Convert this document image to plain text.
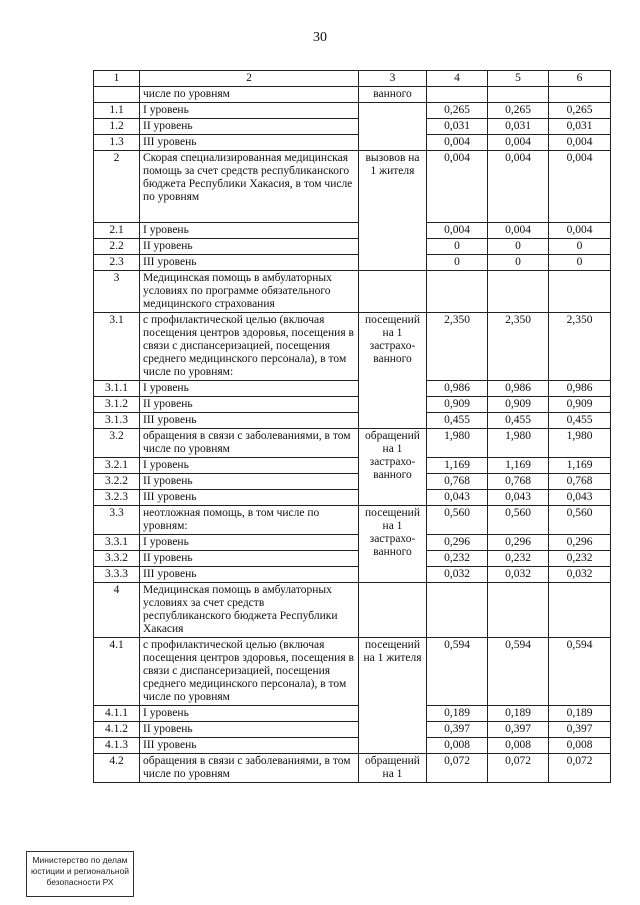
30
1	2	3	4	5	6
	числе по уровням	ванного			
1.1	I уровень		0,265	0,265	0,265
1.2	II уровень		0,031	0,031	0,031
1.3	III уровень		0,004	0,004	0,004
2	Скорая специализированная медицинская помощь за счет средств республиканского бюджета Республики Хакасия, в том числе по уровням	вызовов на 1 жителя	0,004	0,004	0,004
2.1	I уровень		0,004	0,004	0,004
2.2	II уровень		0	0	0
2.3	III уровень		0	0	0
3	Медицинская помощь в амбулаторных условиях по программе обязательного медицинского страхования				
3.1	с профилактической целью (включая посещения центров здоровья, посещения в связи с диспансеризацией, посещения среднего медицинского персонала), в том числе по уровням:	посещений на 1 застрахо-ванного	2,350	2,350	2,350
3.1.1	I уровень		0,986	0,986	0,986
3.1.2	II уровень		0,909	0,909	0,909
3.1.3	III уровень		0,455	0,455	0,455
3.2	обращения в связи с заболеваниями, в том числе по уровням	обращений на 1 застрахо-ванного	1,980	1,980	1,980
3.2.1	I уровень		1,169	1,169	1,169
3.2.2	II уровень		0,768	0,768	0,768
3.2.3	III уровень		0,043	0,043	0,043
3.3	неотложная помощь, в том числе по уровням:	посещений на 1 застрахо-ванного	0,560	0,560	0,560
3.3.1	I уровень		0,296	0,296	0,296
3.3.2	II уровень		0,232	0,232	0,232
3.3.3	III уровень		0,032	0,032	0,032
4	Медицинская помощь в амбулаторных условиях за счет средств республиканского бюджета Республики Хакасия				
4.1	с профилактической целью (включая посещения центров здоровья, посещения в связи с диспансеризацией, посещения среднего медицинского персонала), в том числе по уровням	посещений на 1 жителя	0,594	0,594	0,594
4.1.1	I уровень		0,189	0,189	0,189
4.1.2	II уровень		0,397	0,397	0,397
4.1.3	III уровень		0,008	0,008	0,008
4.2	обращения в связи с заболеваниями, в том числе по уровням	обращений на 1	0,072	0,072	0,072
Министерство по делам
юстиции и региональной
безопасности РХ
